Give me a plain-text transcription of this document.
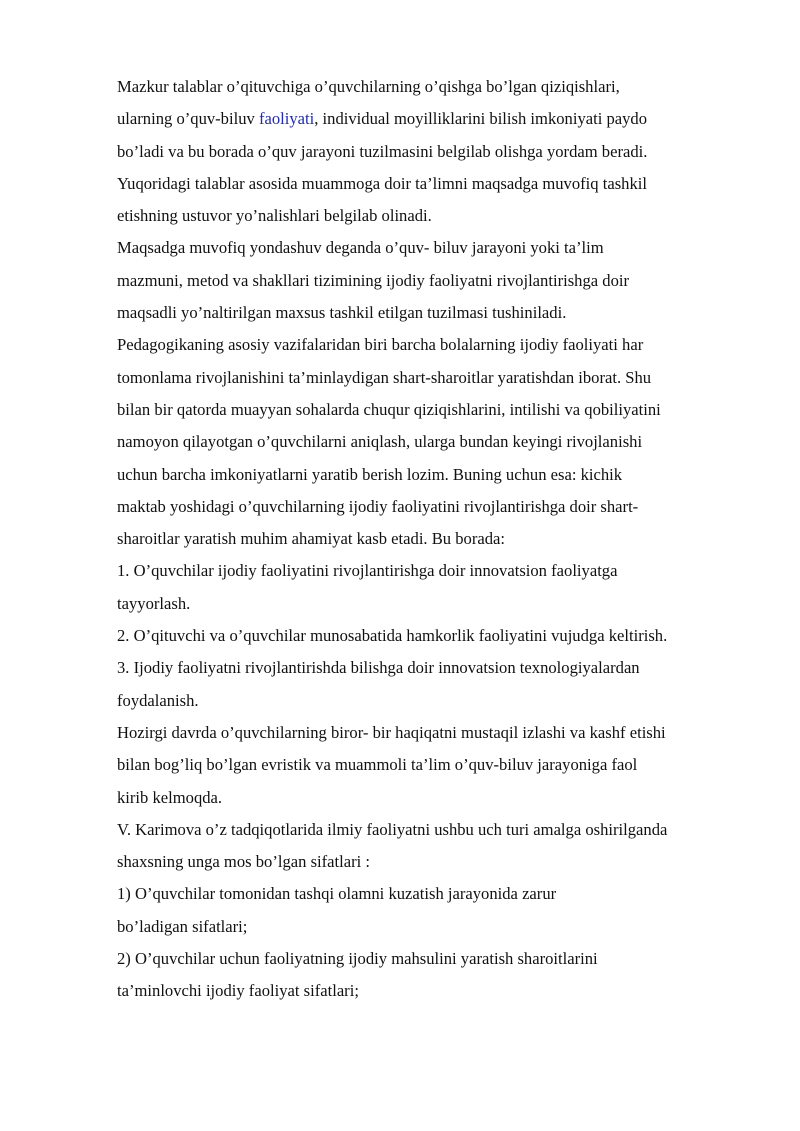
Mazkur talablar o’qituvchiga o’quvchilarning o’qishga bo’lgan qiziqishlari,
ularning o’quv-biluv faoliyati, individual moyilliklarini bilish imkoniyati paydo
bo’ladi va bu borada o’quv jarayoni tuzilmasini belgilab olishga yordam beradi.
Yuqoridagi talablar asosida muammoga doir ta’limni maqsadga muvofiq tashkil
etishning ustuvor yo’nalishlari belgilab olinadi.
Maqsadga muvofiq yondashuv deganda o’quv- biluv jarayoni yoki ta’lim
mazmuni, metod va shakllari tizimining ijodiy faoliyatni rivojlantirishga doir
maqsadli yo’naltirilgan maxsus tashkil etilgan tuzilmasi tushiniladi.
Pedagogikaning asosiy vazifalaridan biri barcha bolalarning ijodiy faoliyati har
tomonlama rivojlanishini ta’minlaydigan shart-sharoitlar yaratishdan iborat. Shu
bilan bir qatorda muayyan sohalarda chuqur qiziqishlarini, intilishi va qobiliyatini
namoyon qilayotgan o’quvchilarni aniqlash, ularga bundan keyingi rivojlanishi
uchun barcha imkoniyatlarni yaratib berish lozim. Buning uchun esa: kichik
maktab yoshidagi o’quvchilarning ijodiy faoliyatini rivojlantirishga doir shart-
sharoitlar yaratish muhim ahamiyat kasb etadi. Bu borada:
1. O’quvchilar ijodiy faoliyatini rivojlantirishga doir innovatsion faoliyatga
tayyorlash.
2. O’qituvchi va o’quvchilar munosabatida hamkorlik faoliyatini vujudga keltirish.
3. Ijodiy faoliyatni rivojlantirishda bilishga doir innovatsion texnologiyalardan
foydalanish.
Hozirgi davrda o’quvchilarning biror- bir haqiqatni mustaqil izlashi va kashf etishi
bilan bog’liq bo’lgan evristik va muammoli ta’lim o’quv-biluv jarayoniga faol
kirib kelmoqda.
V. Karimova o’z tadqiqotlarida ilmiy faoliyatni ushbu uch turi amalga oshirilganda
shaxsning unga mos bo’lgan sifatlari :
1) O’quvchilar tomonidan tashqi olamni kuzatish jarayonida zarur
bo’ladigan sifatlari;
2) O’quvchilar uchun faoliyatning ijodiy mahsulini yaratish sharoitlarini
ta’minlovchi ijodiy faoliyat sifatlari;
